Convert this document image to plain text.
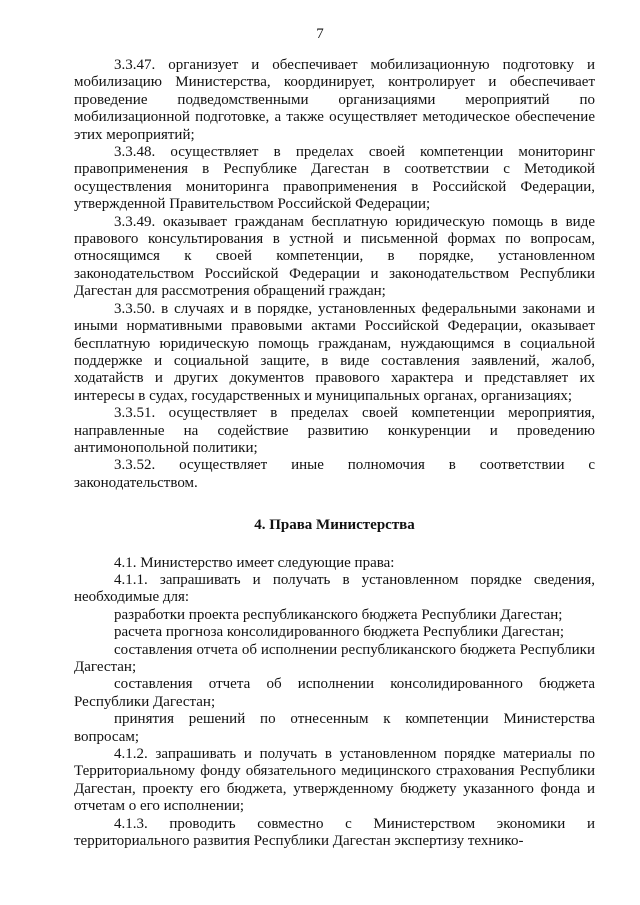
7

3.3.47. организует и обеспечивает мобилизационную подготовку и мобилизацию Министерства, координирует, контролирует и обеспечивает проведение подведомственными организациями мероприятий по мобилизационной подготовке, а также осуществляет методическое обеспечение этих мероприятий;

3.3.48. осуществляет в пределах своей компетенции мониторинг правоприменения в Республике Дагестан в соответствии с Методикой осуществления мониторинга правоприменения в Российской Федерации, утвержденной Правительством Российской Федерации;

3.3.49. оказывает гражданам бесплатную юридическую помощь в виде правового консультирования в устной и письменной формах по вопросам, относящимся к своей компетенции, в порядке, установленном законодательством Российской Федерации и законодательством Республики Дагестан для рассмотрения обращений граждан;

3.3.50. в случаях и в порядке, установленных федеральными законами и иными нормативными правовыми актами Российской Федерации, оказывает бесплатную юридическую помощь гражданам, нуждающимся в социальной поддержке и социальной защите, в виде составления заявлений, жалоб, ходатайств и других документов правового характера и представляет их интересы в судах, государственных и муниципальных органах, организациях;

3.3.51. осуществляет в пределах своей компетенции мероприятия, направленные на содействие развитию конкуренции и проведению антимонопольной политики;

3.3.52. осуществляет иные полномочия в соответствии с законодательством.

4. Права Министерства

4.1. Министерство имеет следующие права:

4.1.1. запрашивать и получать в установленном порядке сведения, необходимые для:

разработки проекта республиканского бюджета Республики Дагестан;

расчета прогноза консолидированного бюджета Республики Дагестан;

составления отчета об исполнении республиканского бюджета Республики Дагестан;

составления отчета об исполнении консолидированного бюджета Республики Дагестан;

принятия решений по отнесенным к компетенции Министерства вопросам;

4.1.2. запрашивать и получать в установленном порядке материалы по Территориальному фонду обязательного медицинского страхования Республики Дагестан, проекту его бюджета, утвержденному бюджету указанного фонда и отчетам о его исполнении;

4.1.3. проводить совместно с Министерством экономики и территориального развития Республики Дагестан экспертизу технико-
